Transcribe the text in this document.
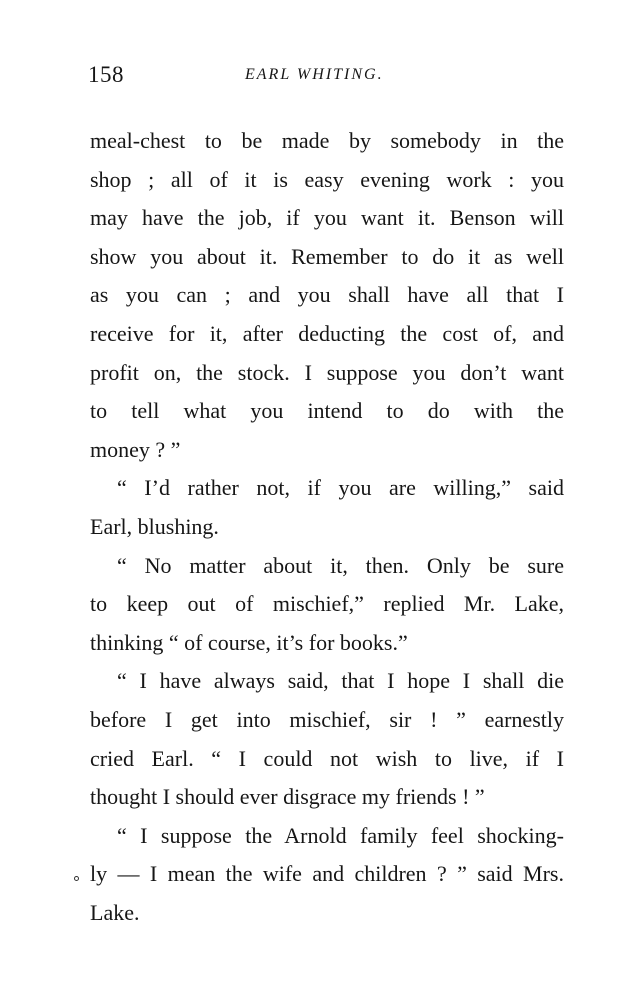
158	EARL WHITING.
meal-chest to be made by somebody in the
shop ; all of it is easy evening work : you
may have the job, if you want it. Benson will
show you about it. Remember to do it as well
as you can ; and you shall have all that I
receive for it, after deducting the cost of, and
profit on, the stock. I suppose you don’t want
to tell what you intend to do with the
money ? ”
“ I’d rather not, if you are willing,” said
Earl, blushing.
“ No matter about it, then. Only be sure
to keep out of mischief,” replied Mr. Lake,
thinking “ of course, it’s for books.”
“ I have always said, that I hope I shall die
before I get into mischief, sir ! ” earnestly
cried Earl. “ I could not wish to live, if I
thought I should ever disgrace my friends ! ”
“ I suppose the Arnold family feel shocking-
ly — I mean the wife and children ? ” said Mrs.
Lake.
